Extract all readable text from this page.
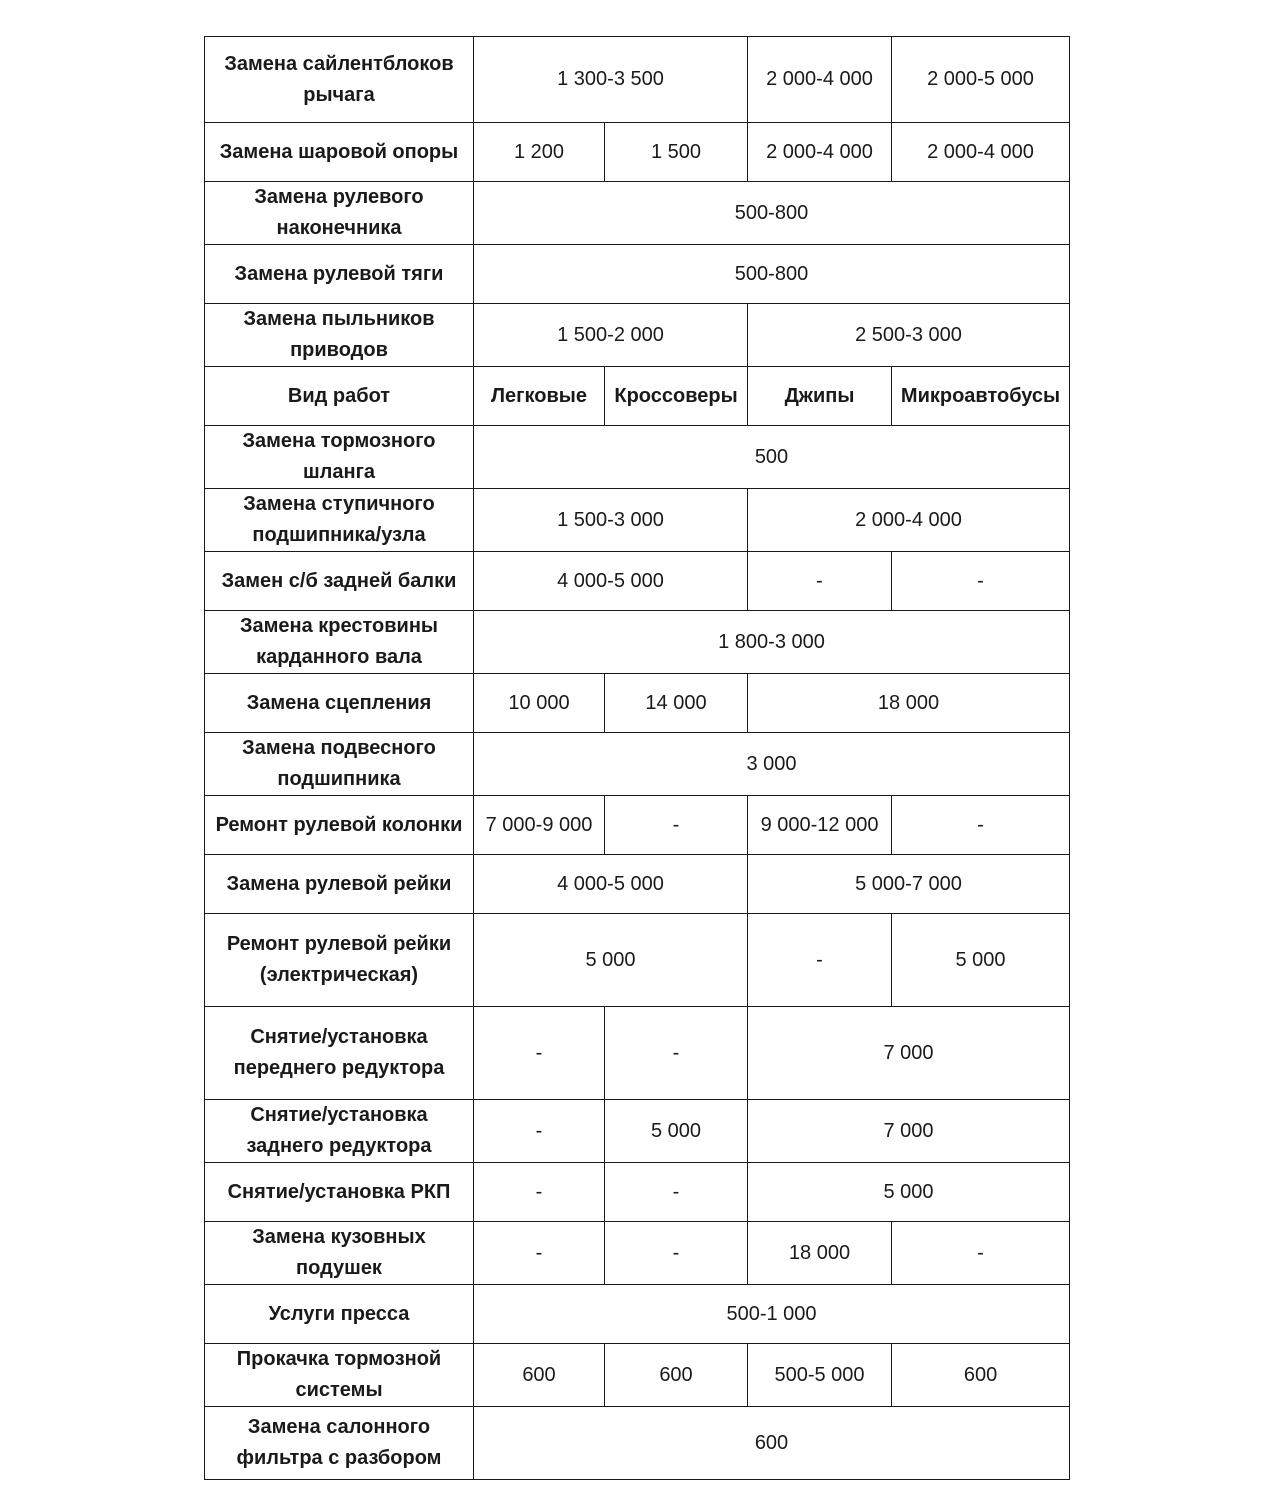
Замена сайлентблоков рычага	1 300-3 500		2 000-4 000	2 000-5 000
Замена шаровой опоры	1 200	1 500	2 000-4 000	2 000-4 000
Замена рулевого наконечника	500-800			
Замена рулевой тяги	500-800			
Замена пыльников приводов	1 500-2 000		2 500-3 000	
Вид работ	Легковые	Кроссоверы	Джипы	Микроавтобусы
Замена тормозного шланга	500			
Замена ступичного подшипника/узла	1 500-3 000		2 000-4 000	
Замен с/б задней балки	4 000-5 000		-	-
Замена крестовины карданного вала	1 800-3 000			
Замена сцепления	10 000	14 000	18 000	
Замена подвесного подшипника	3 000			
Ремонт рулевой колонки	7 000-9 000	-	9 000-12 000	-
Замена рулевой рейки	4 000-5 000		5 000-7 000	
Ремонт рулевой рейки (электрическая)	5 000		-	5 000
Снятие/установка переднего редуктора	-	-	7 000	
Снятие/установка заднего редуктора	-	5 000	7 000	
Снятие/установка РКП	-	-	5 000	
Замена кузовных подушек	-	-	18 000	-
Услуги пресса	500-1 000			
Прокачка тормозной системы	600	600	500-5 000	600
Замена салонного фильтра с разбором	600			
